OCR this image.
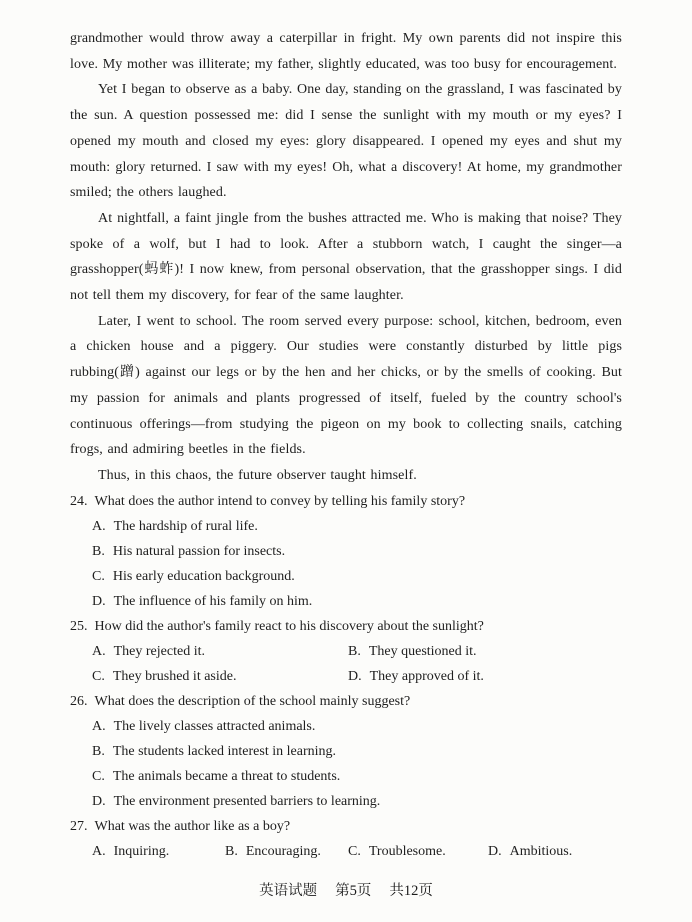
grandmother would throw away a caterpillar in fright. My own parents did not inspire this love. My mother was illiterate; my father, slightly educated, was too busy for encouragement.

Yet I began to observe as a baby. One day, standing on the grassland, I was fascinated by the sun. A question possessed me: did I sense the sunlight with my mouth or my eyes? I opened my mouth and closed my eyes: glory disappeared. I opened my eyes and shut my mouth: glory returned. I saw with my eyes! Oh, what a discovery! At home, my grandmother smiled; the others laughed.

At nightfall, a faint jingle from the bushes attracted me. Who is making that noise? They spoke of a wolf, but I had to look. After a stubborn watch, I caught the singer—a grasshopper(蚂蚱)! I now knew, from personal observation, that the grasshopper sings. I did not tell them my discovery, for fear of the same laughter.

Later, I went to school. The room served every purpose: school, kitchen, bedroom, even a chicken house and a piggery. Our studies were constantly disturbed by little pigs rubbing(蹭) against our legs or by the hen and her chicks, or by the smells of cooking. But my passion for animals and plants progressed of itself, fueled by the country school's continuous offerings—from studying the pigeon on my book to collecting snails, catching frogs, and admiring beetles in the fields.

Thus, in this chaos, the future observer taught himself.

24. What does the author intend to convey by telling his family story?
A. The hardship of rural life.
B. His natural passion for insects.
C. His early education background.
D. The influence of his family on him.
25. How did the author's family react to his discovery about the sunlight?
A. They rejected it.	B. They questioned it.
C. They brushed it aside.	D. They approved of it.
26. What does the description of the school mainly suggest?
A. The lively classes attracted animals.
B. The students lacked interest in learning.
C. The animals became a threat to students.
D. The environment presented barriers to learning.
27. What was the author like as a boy?
A. Inquiring.	B. Encouraging. C. Troublesome.	D. Ambitious.
英语试题 第5页 共12页
